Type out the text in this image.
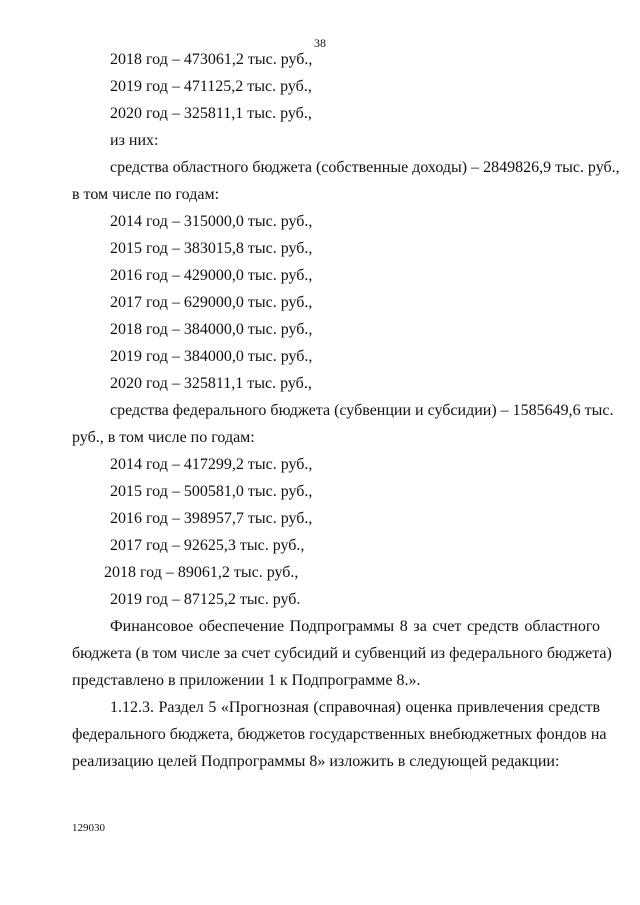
38
2018 год – 473061,2 тыс. руб.,
2019 год – 471125,2 тыс. руб.,
2020 год – 325811,1 тыс. руб.,
из них:
средства областного бюджета (собственные доходы) – 2849826,9 тыс. руб.,
в том числе по годам:
2014 год – 315000,0 тыс. руб.,
2015 год – 383015,8 тыс. руб.,
2016 год – 429000,0 тыс. руб.,
2017 год – 629000,0 тыс. руб.,
2018 год – 384000,0 тыс. руб.,
2019 год – 384000,0 тыс. руб.,
2020 год – 325811,1 тыс. руб.,
средства федерального бюджета (субвенции и субсидии) – 1585649,6 тыс.
руб., в том числе по годам:
2014 год – 417299,2 тыс. руб.,
2015 год – 500581,0 тыс. руб.,
2016 год – 398957,7 тыс. руб.,
2017 год – 92625,3 тыс. руб.,
2018 год – 89061,2 тыс. руб.,
2019 год – 87125,2 тыс. руб.
Финансовое обеспечение Подпрограммы 8 за счет средств областного
бюджета (в том числе за счет субсидий и субвенций из федерального бюджета)
представлено в приложении 1 к Подпрограмме 8.».
1.12.3. Раздел 5 «Прогнозная (справочная) оценка привлечения средств
федерального бюджета, бюджетов государственных внебюджетных фондов на
реализацию целей Подпрограммы 8» изложить в следующей редакции:
129030
